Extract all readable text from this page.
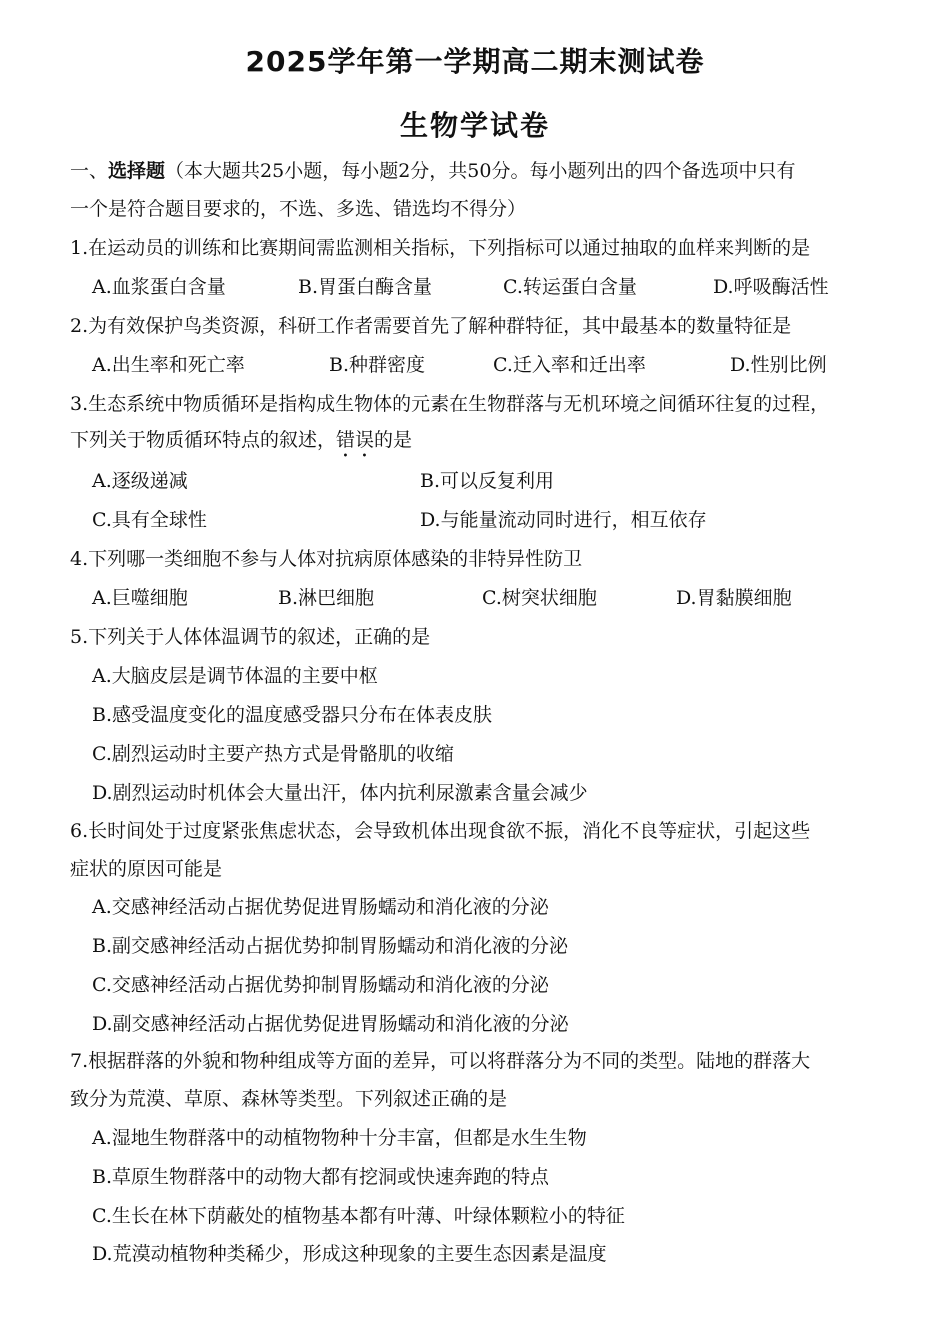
2025学年第一学期高二期末测试卷
生物学试卷
一、选择题（本大题共25小题，每小题2分，共50分。每小题列出的四个备选项中只有
一个是符合题目要求的，不选、多选、错选均不得分）
1.在运动员的训练和比赛期间需监测相关指标，下列指标可以通过抽取的血样来判断的是
A.血浆蛋白含量	B.胃蛋白酶含量	C.转运蛋白含量	D.呼吸酶活性
2.为有效保护鸟类资源，科研工作者需要首先了解种群特征，其中最基本的数量特征是
A.出生率和死亡率	B.种群密度	C.迁入率和迁出率	D.性别比例
3.生态系统中物质循环是指构成生物体的元素在生物群落与无机环境之间循环往复的过程，
下列关于物质循环特点的叙述，错误的是
A.逐级递减	B.可以反复利用
C.具有全球性	D.与能量流动同时进行，相互依存
4.下列哪一类细胞不参与人体对抗病原体感染的非特异性防卫
A.巨噬细胞	B.淋巴细胞	C.树突状细胞	D.胃黏膜细胞
5.下列关于人体体温调节的叙述，正确的是
A.大脑皮层是调节体温的主要中枢
B.感受温度变化的温度感受器只分布在体表皮肤
C.剧烈运动时主要产热方式是骨骼肌的收缩
D.剧烈运动时机体会大量出汗，体内抗利尿激素含量会减少
6.长时间处于过度紧张焦虑状态，会导致机体出现食欲不振，消化不良等症状，引起这些
症状的原因可能是
A.交感神经活动占据优势促进胃肠蠕动和消化液的分泌
B.副交感神经活动占据优势抑制胃肠蠕动和消化液的分泌
C.交感神经活动占据优势抑制胃肠蠕动和消化液的分泌
D.副交感神经活动占据优势促进胃肠蠕动和消化液的分泌
7.根据群落的外貌和物种组成等方面的差异，可以将群落分为不同的类型。陆地的群落大
致分为荒漠、草原、森林等类型。下列叙述正确的是
A.湿地生物群落中的动植物物种十分丰富，但都是水生生物
B.草原生物群落中的动物大都有挖洞或快速奔跑的特点
C.生长在林下荫蔽处的植物基本都有叶薄、叶绿体颗粒小的特征
D.荒漠动植物种类稀少，形成这种现象的主要生态因素是温度
